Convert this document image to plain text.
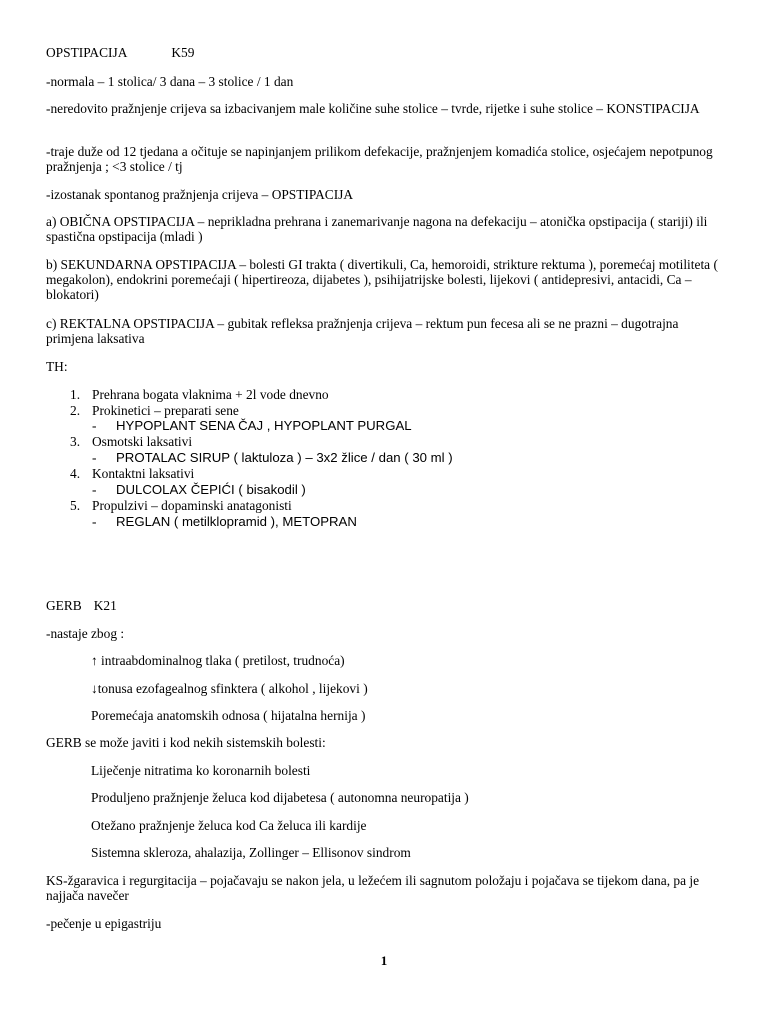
OPSTIPACIJA	K59

-normala – 1 stolica/ 3 dana – 3 stolice / 1 dan

-neredovito pražnjenje crijeva sa izbacivanjem male količine suhe stolice – tvrde, rijetke i suhe stolice – KONSTIPACIJA

-traje duže od 12 tjedana a očituje se napinjanjem prilikom defekacije, pražnjenjem komadića stolice, osjećajem nepotpunog pražnjenja ; <3 stolice / tj

-izostanak spontanog pražnjenja crijeva – OPSTIPACIJA

a) OBIČNA OPSTIPACIJA – neprikladna prehrana i zanemarivanje nagona na defekaciju – atonička opstipacija ( stariji) ili spastična opstipacija (mladi )

b) SEKUNDARNA OPSTIPACIJA – bolesti GI trakta ( divertikuli, Ca, hemoroidi, strikture rektuma ), poremećaj motiliteta ( megakolon), endokrini poremećaji ( hipertireoza, dijabetes ), psihijatrijske bolesti, lijekovi ( antidepresivi, antacidi, Ca – blokatori)

c) REKTALNA OPSTIPACIJA – gubitak refleksa pražnjenja crijeva – rektum pun fecesa ali se ne prazni – dugotrajna primjena laksativa

TH:

1. Prehrana bogata vlaknima + 2l vode dnevno
2. Prokinetici – preparati sene
- HYPOPLANT SENA ČAJ , HYPOPLANT PURGAL
3. Osmotski laksativi
- PROTALAC SIRUP ( laktuloza ) – 3x2 žlice / dan ( 30 ml )
4. Kontaktni laksativi
- DULCOLAX ČEPIĆI ( bisakodil )
5. Propulzivi – dopaminski anatagonisti
- REGLAN ( metilklopramid ), METOPRAN

GERB K21

-nastaje zbog :

↑ intraabdominalnog tlaka ( pretilost, trudnoća)

↓tonusa ezofagealnog sfinktera ( alkohol , lijekovi )

Poremećaja anatomskih odnosa ( hijatalna hernija )

GERB se može javiti i kod nekih sistemskih bolesti:

Liječenje nitratima ko koronarnih bolesti

Produljeno pražnjenje želuca kod dijabetesa ( autonomna neuropatija )

Otežano pražnjenje želuca kod Ca želuca ili kardije

Sistemna skleroza, ahalazija, Zollinger – Ellisonov sindrom

KS-žgaravica i regurgitacija – pojačavaju se nakon jela, u ležećem ili sagnutom položaju i pojačava se tijekom dana, pa je najjača navečer

-pečenje u epigastriju

1
